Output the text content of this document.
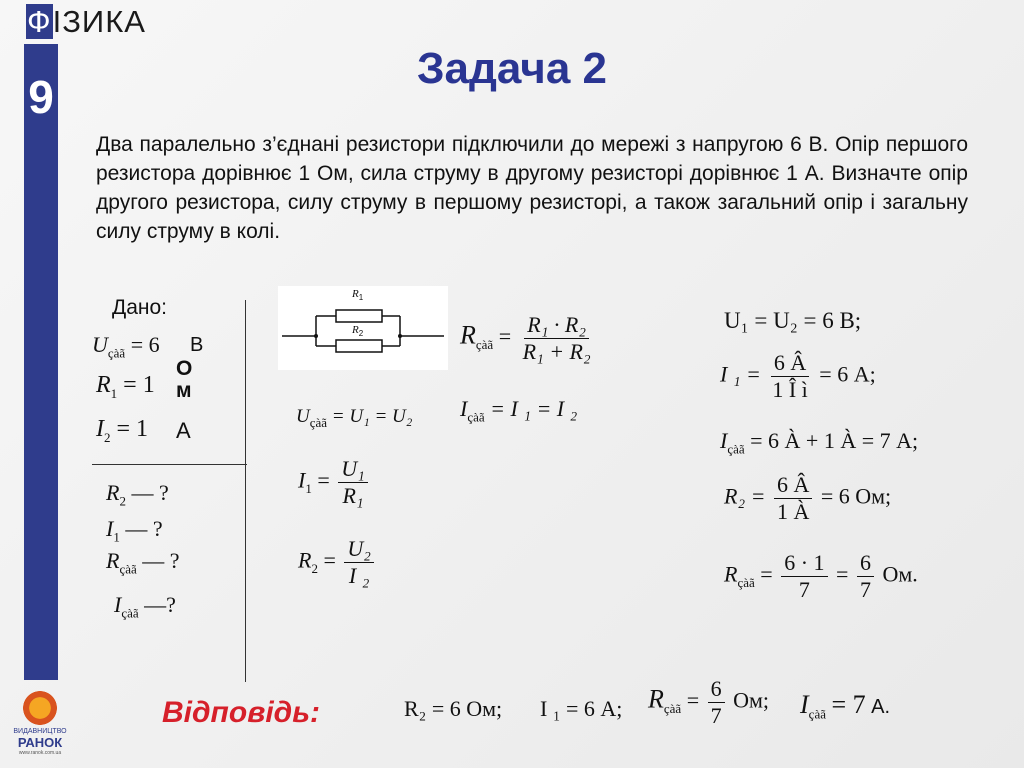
ФІЗИКА
9
Задача 2
Два паралельно з’єднані резистори підключили до мережі з напругою 6 В. Опір першого резистора дорівнює 1 Ом, сила струму в другому резисторі дорівнює 1 А. Визначте опір другого резистора, силу струму в першому резисторі, а також загальний опір і загальну силу струму в колі.
Дано:
$U_{çàã} = 6$ В
$R_1 = 1$
О м
$I_2 = 1$ А
$R_2$ — ?
$I_1$ — ?
$R_{çàã}$ — ?
$I_{çàã}$ —?
$R_1$
$R_2$
$U_{çàã} = U_1 = U_2$
$I_1 = \frac{\text{U₁}}{\text{R₁}}$
$R_2 = \frac{\text{U₂}}{\text{I ₂}}$
$R_{çàã} = \frac{\text{R₁ · R₂}}{\text{R₁ + R₂}}$
$I_{çàã} = I$ ₁ = I ₂
U₁ = U₂ = 6 В;
I $_1 = \frac{6 Â}{\text{1 Î ì}} = 6$ А;
$I_{çàã} = 6$ À + 1 À = 7 А;
$R_2 = \frac{6 Â}{1 À} = 6$ Ом;
$R_{çàã} = \frac{6 \cdot 1}{7} = \frac{6}{7}$ Ом.
Відповідь:	R₂ = 6 Ом; I ₁ = 6 А; $R_{çàã} = \frac{6}{7}$ Ом; $I_{çàã} = 7$ А.
ВИДАВНИЦТВО
РАНОК
www.ranok.com.ua
